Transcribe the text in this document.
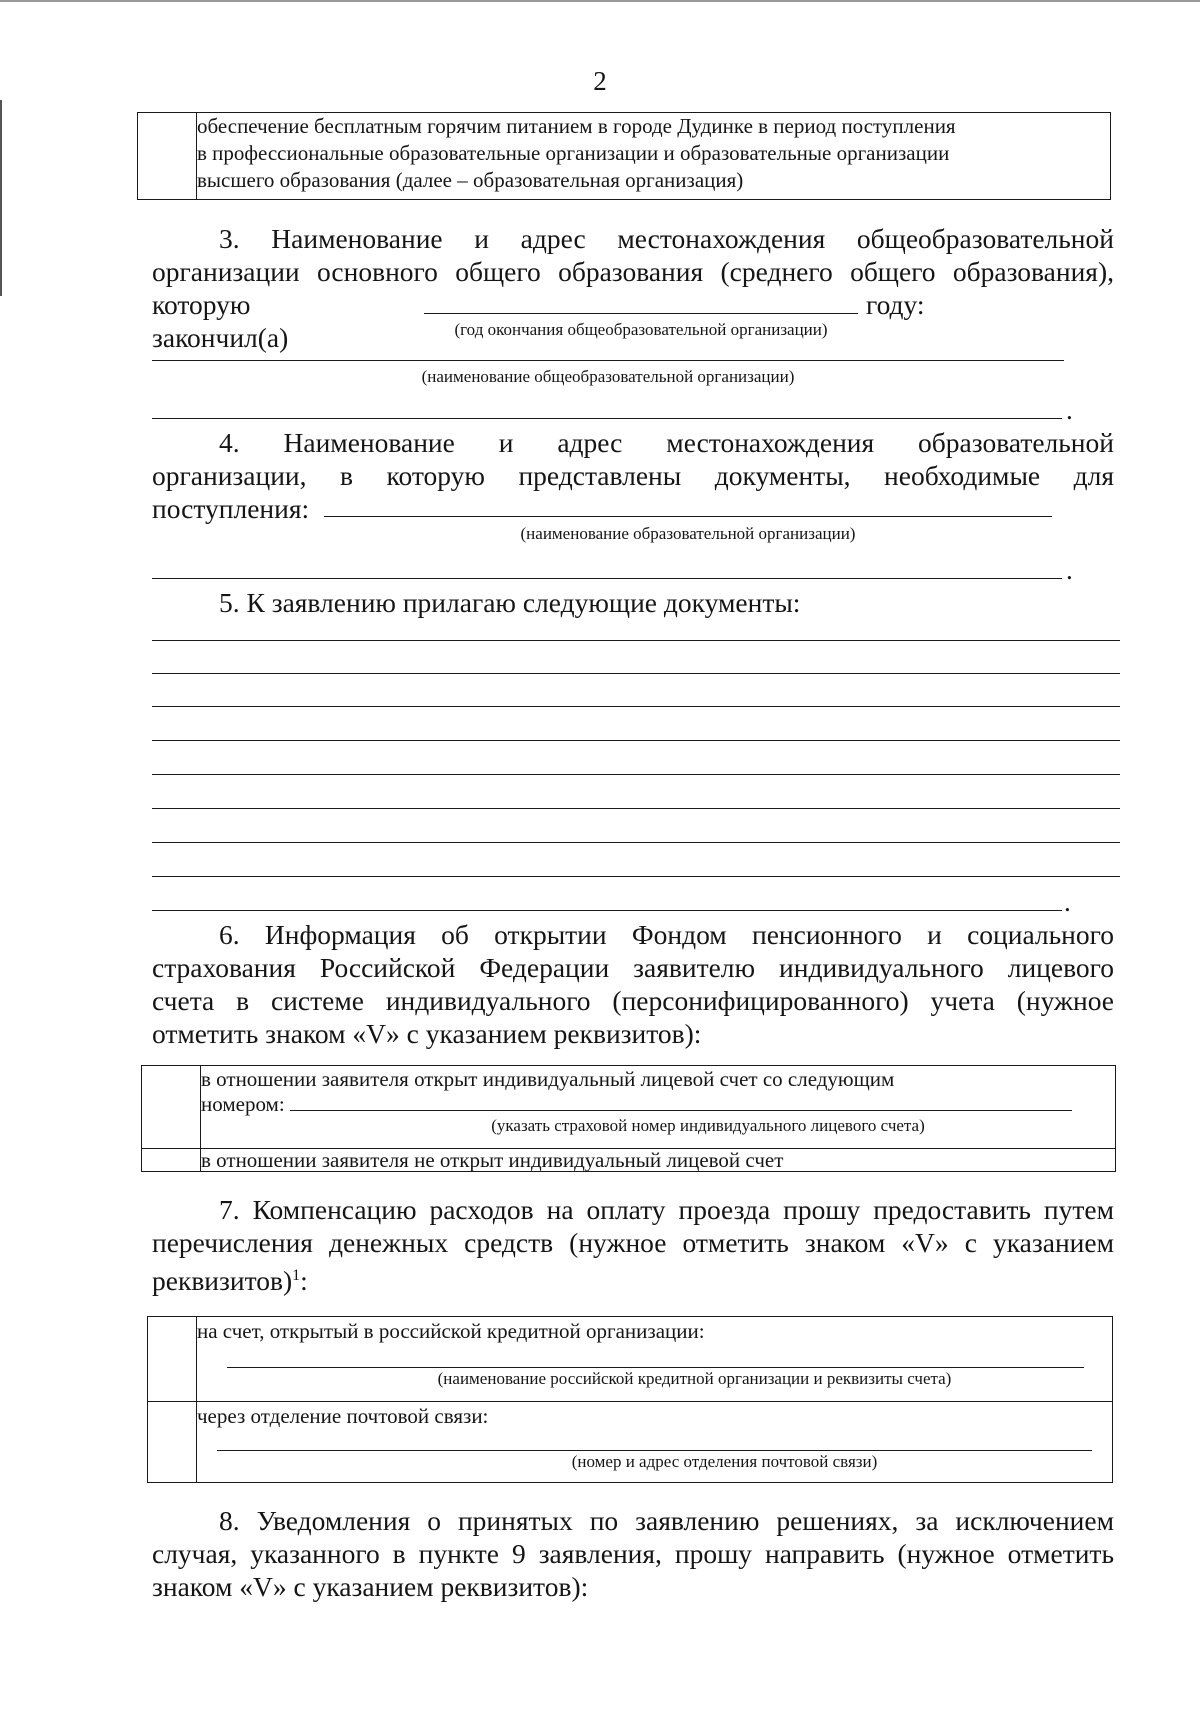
2

обеспечение бесплатным горячим питанием в городе Дудинке в период поступления
в профессиональные образовательные организации и образовательные организации
высшего образования (далее – образовательная организация)
3. Наименование и адрес местонахождения общеобразовательной
организации основного общего образования (среднего общего образования),
которую закончил(а)
году:
(год окончания общеобразовательной организации)
(наименование общеобразовательной организации)
.
4. Наименование и адрес местонахождения образовательной
организации, в которую представлены документы, необходимые для
поступления:
(наименование образовательной организации)
.
5. К заявлению прилагаю следующие документы:
.
6. Информация об открытии Фондом пенсионного и социального
страхования Российской Федерации заявителю индивидуального лицевого
счета в системе индивидуального (персонифицированного) учета (нужное
отметить знаком «V» с указанием реквизитов):

	в отношении заявителя открыт индивидуальный лицевой счет со следующим
номером:
(указать страховой номер индивидуального лицевого счета)

	в отношении заявителя не открыт индивидуальный лицевой счет
7. Компенсацию расходов на оплату проезда прошу предоставить путем
перечисления денежных средств (нужное отметить знаком «V» с указанием
реквизитов)$^1$:

	на счет, открытый в российской кредитной организации:
(наименование российской кредитной организации и реквизиты счета)

	через отделение почтовой связи:
(номер и адрес отделения почтовой связи)
8. Уведомления о принятых по заявлению решениях, за исключением
случая, указанного в пункте 9 заявления, прошу направить (нужное отметить
знаком «V» с указанием реквизитов):
